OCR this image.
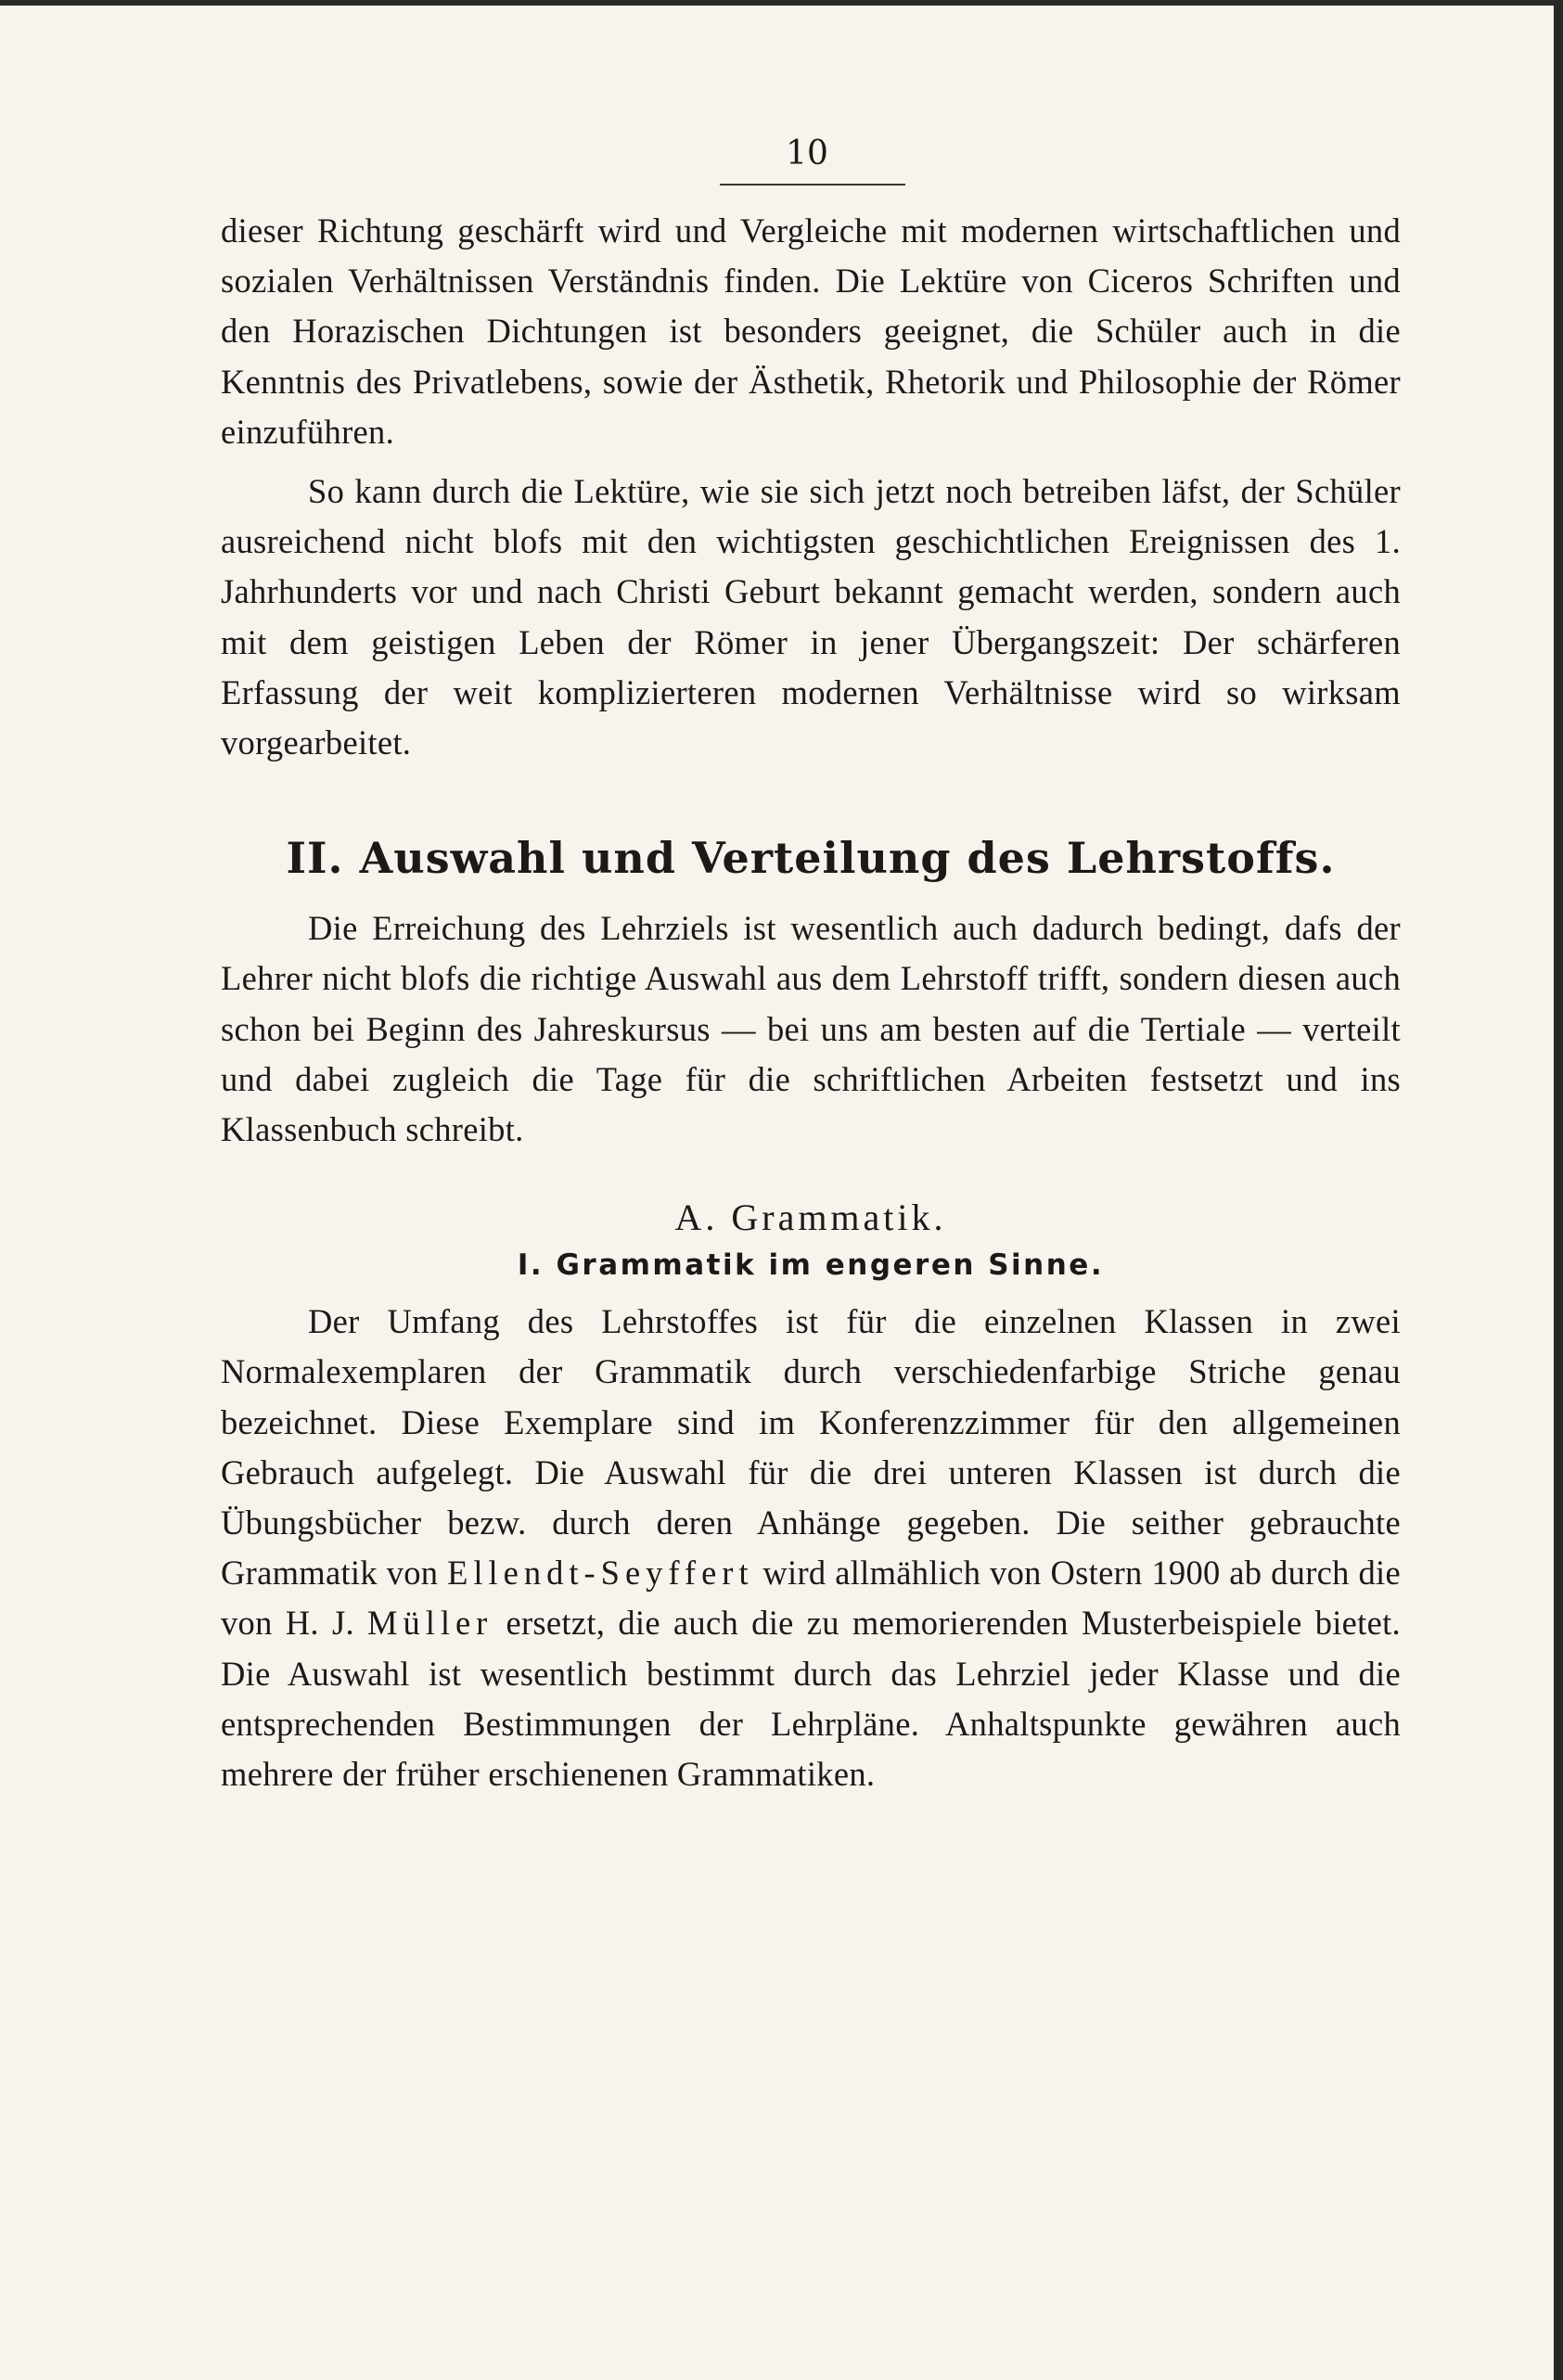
10

dieser Richtung geschärft wird und Vergleiche mit modernen wirtschaftlichen und sozialen Verhältnissen Verständnis finden. Die Lektüre von Ciceros Schriften und den Horazischen Dichtungen ist besonders geeignet, die Schüler auch in die Kenntnis des Privatlebens, sowie der Ästhetik, Rhetorik und Philosophie der Römer einzuführen.

So kann durch die Lektüre, wie sie sich jetzt noch betreiben läfst, der Schüler ausreichend nicht blofs mit den wichtigsten geschichtlichen Ereignissen des 1. Jahrhunderts vor und nach Christi Geburt bekannt gemacht werden, sondern auch mit dem geistigen Leben der Römer in jener Übergangszeit: Der schärferen Erfassung der weit komplizierteren modernen Verhältnisse wird so wirksam vorgearbeitet.

II. Auswahl und Verteilung des Lehrstoffs.

Die Erreichung des Lehrziels ist wesentlich auch dadurch bedingt, dafs der Lehrer nicht blofs die richtige Auswahl aus dem Lehrstoff trifft, sondern diesen auch schon bei Beginn des Jahreskursus — bei uns am besten auf die Tertiale — verteilt und dabei zugleich die Tage für die schriftlichen Arbeiten festsetzt und ins Klassenbuch schreibt.

A. Grammatik.
I. Grammatik im engeren Sinne.

Der Umfang des Lehrstoffes ist für die einzelnen Klassen in zwei Normalexemplaren der Grammatik durch verschiedenfarbige Striche genau bezeichnet. Diese Exemplare sind im Konferenzzimmer für den allgemeinen Gebrauch aufgelegt. Die Auswahl für die drei unteren Klassen ist durch die Übungsbücher bezw. durch deren Anhänge gegeben. Die seither gebrauchte Grammatik von Ellendt-Seyffert wird allmählich von Ostern 1900 ab durch die von H. J. Müller ersetzt, die auch die zu memorierenden Musterbeispiele bietet. Die Auswahl ist wesentlich bestimmt durch das Lehrziel jeder Klasse und die entsprechenden Bestimmungen der Lehrpläne. Anhaltspunkte gewähren auch mehrere der früher erschienenen Grammatiken.
